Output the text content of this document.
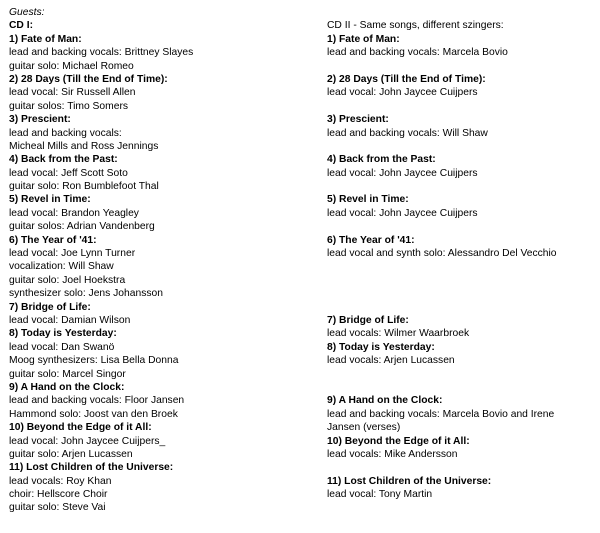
Guests:
CD I:
1) Fate of Man:
lead and backing vocals: Brittney Slayes
guitar solo: Michael Romeo
2) 28 Days (Till the End of Time):
lead vocal: Sir Russell Allen
guitar solos: Timo Somers
3) Prescient:
lead and backing vocals:
Micheal Mills and Ross Jennings
4) Back from the Past:
lead vocal: Jeff Scott Soto
guitar solo: Ron Bumblefoot Thal
5) Revel in Time:
lead vocal: Brandon Yeagley
guitar solos: Adrian Vandenberg
6) The Year of '41:
lead vocal: Joe Lynn Turner
vocalization: Will Shaw
guitar solo: Joel Hoekstra
synthesizer solo: Jens Johansson
7) Bridge of Life:
lead vocal: Damian Wilson
8) Today is Yesterday:
lead vocal: Dan Swanö
Moog synthesizers: Lisa Bella Donna
guitar solo: Marcel Singor
9) A Hand on the Clock:
lead and backing vocals: Floor Jansen
Hammond solo: Joost van den Broek
10) Beyond the Edge of it All:
lead vocal: John Jaycee Cuijpers_
guitar solo: Arjen Lucassen
11) Lost Children of the Universe:
lead vocals: Roy Khan
choir: Hellscore Choir
guitar solo: Steve Vai
CD II - Same songs, different szingers:
1) Fate of Man:
lead and backing vocals: Marcela Bovio
2) 28 Days (Till the End of Time):
lead vocal: John Jaycee Cuijpers
3) Prescient:
lead and backing vocals: Will Shaw
4) Back from the Past:
lead vocal: John Jaycee Cuijpers
5) Revel in Time:
lead vocal: John Jaycee Cuijpers
6) The Year of '41:
lead vocal and synth solo: Alessandro Del Vecchio
7) Bridge of Life:
lead vocals: Wilmer Waarbroek
8) Today is Yesterday:
lead vocals: Arjen Lucassen
9) A Hand on the Clock:
lead and backing vocals: Marcela Bovio and Irene
Jansen (verses)
10) Beyond the Edge of it All:
lead vocals: Mike Andersson
11) Lost Children of the Universe:
lead vocal: Tony Martin
